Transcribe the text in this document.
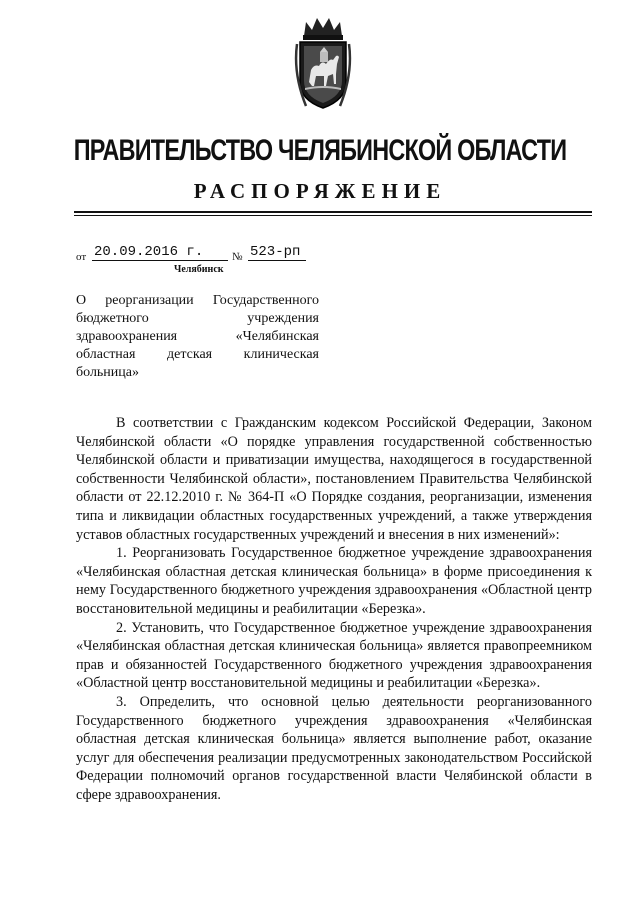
ПРАВИТЕЛЬСТВО ЧЕЛЯБИНСКОЙ ОБЛАСТИ
РАСПОРЯЖЕНИЕ
от 20.09.2016 г.	№ 523-рп
Челябинск
О реорганизации Государственного бюджетного учреждения здравоохранения «Челябинская областная детская клиническая больница»

В соответствии с Гражданским кодексом Российской Федерации, Законом Челябинской области «О порядке управления государственной собственностью Челябинской области и приватизации имущества, находящегося в государственной собственности Челябинской области», постановлением Правительства Челябинской области от 22.12.2010 г. № 364-П «О Порядке создания, реорганизации, изменения типа и ликвидации областных государственных учреждений, а также утверждения уставов областных государственных учреждений и внесения в них изменений»:

1. Реорганизовать Государственное бюджетное учреждение здравоохранения «Челябинская областная детская клиническая больница» в форме присоединения к нему Государственного бюджетного учреждения здравоохранения «Областной центр восстановительной медицины и реабилитации «Березка».

2. Установить, что Государственное бюджетное учреждение здравоохранения «Челябинская областная детская клиническая больница» является правопреемником прав и обязанностей Государственного бюджетного учреждения здравоохранения «Областной центр восстановительной медицины и реабилитации «Березка».

3. Определить, что основной целью деятельности реорганизованного Государственного бюджетного учреждения здравоохранения «Челябинская областная детская клиническая больница» является выполнение работ, оказание услуг для обеспечения реализации предусмотренных законодательством Российской Федерации полномочий органов государственной власти Челябинской области в сфере здравоохранения.
